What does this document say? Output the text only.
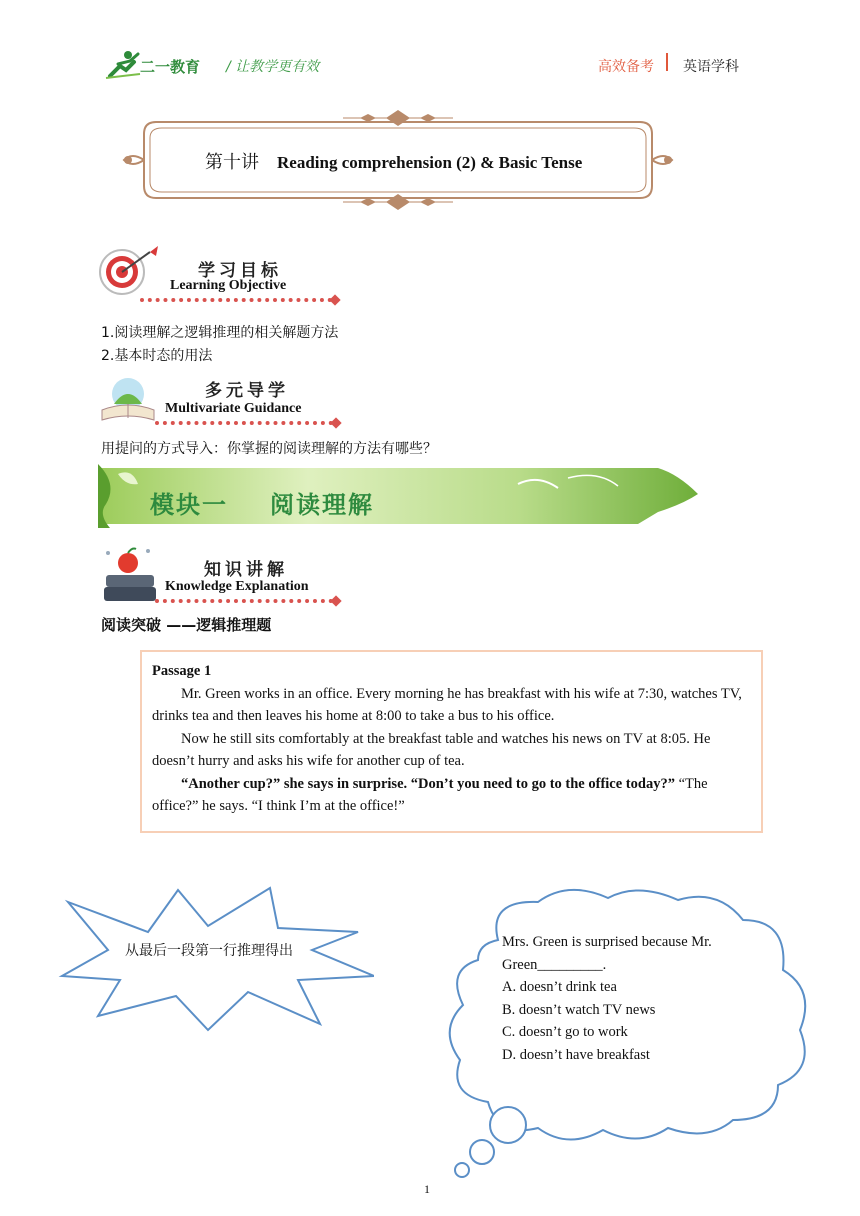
二一教育 / 让教学更有效	高效备考 英语学科
第十讲 Reading comprehension (2) & Basic Tense
学习目标
Learning Objective
1.阅读理解之逻辑推理的相关解题方法
2.基本时态的用法
多元导学
Multivariate Guidance
用提问的方式导入：你掌握的阅读理解的方法有哪些？
模块一 阅读理解
知识讲解
Knowledge Explanation
阅读突破 ——逻辑推理题

Passage 1

Mr. Green works in an office. Every morning he has breakfast with his wife at 7:30, watches TV, drinks tea and then leaves his home at 8:00 to take a bus to his office.

Now he still sits comfortably at the breakfast table and watches his news on TV at 8:05. He doesn’t hurry and asks his wife for another cup of tea.

“Another cup?” she says in surprise. “Don’t you need to go to the office today?” “The office?” he says. “I think I’m at the office!”

从最后一段第一行推理得出
Mrs. Green is surprised because Mr.
Green_________.
A. doesn’t drink tea
B. doesn’t watch TV news
C. doesn’t go to work
D. doesn’t have breakfast
1
